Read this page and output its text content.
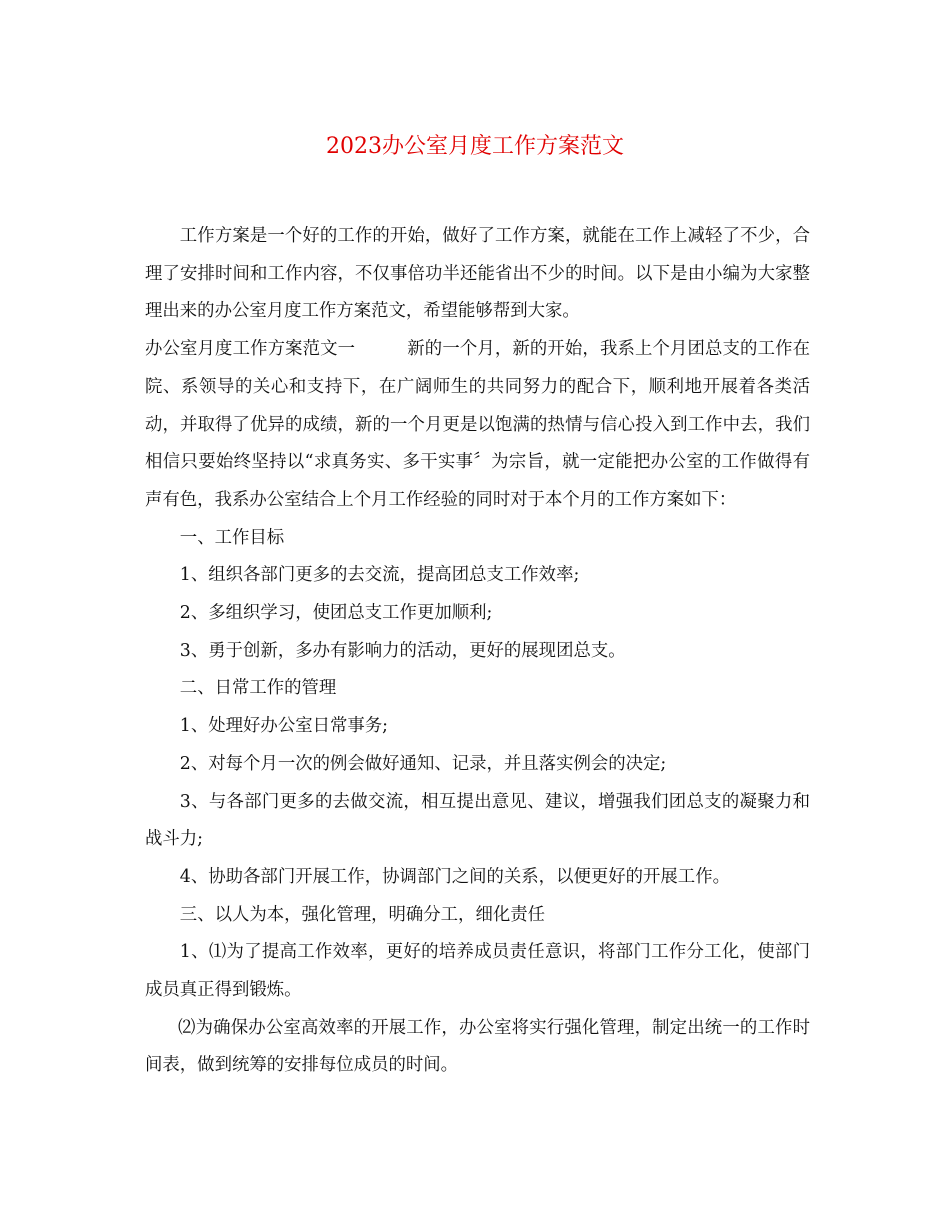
2023办公室月度工作方案范文

工作方案是一个好的工作的开始，做好了工作方案，就能在工作上减轻了不少，合理了安排时间和工作内容，不仅事倍功半还能省出不少的时间。以下是由小编为大家整理出来的办公室月度工作方案范文，希望能够帮到大家。

办公室月度工作方案范文一	新的一个月，新的开始，我系上个月团总支的工作在院、系领导的关心和支持下，在广阔师生的共同努力的配合下，顺利地开展着各类活动，并取得了优异的成绩，新的一个月更是以饱满的热情与信心投入到工作中去，我们相信只要始终坚持以“求真务实、多干实事〞为宗旨，就一定能把办公室的工作做得有声有色，我系办公室结合上个月工作经验的同时对于本个月的工作方案如下：

一、工作目标

1、组织各部门更多的去交流，提高团总支工作效率;

2、多组织学习，使团总支工作更加顺利;

3、勇于创新，多办有影响力的活动，更好的展现团总支。

二、日常工作的管理

1、处理好办公室日常事务;

2、对每个月一次的例会做好通知、记录，并且落实例会的决定;

3、与各部门更多的去做交流，相互提出意见、建议，增强我们团总支的凝聚力和战斗力;

4、协助各部门开展工作，协调部门之间的关系，以便更好的开展工作。

三、以人为本，强化管理，明确分工，细化责任

1、⑴为了提高工作效率，更好的培养成员责任意识，将部门工作分工化，使部门成员真正得到锻炼。

⑵为确保办公室高效率的开展工作，办公室将实行强化管理，制定出统一的工作时间表，做到统筹的安排每位成员的时间。
